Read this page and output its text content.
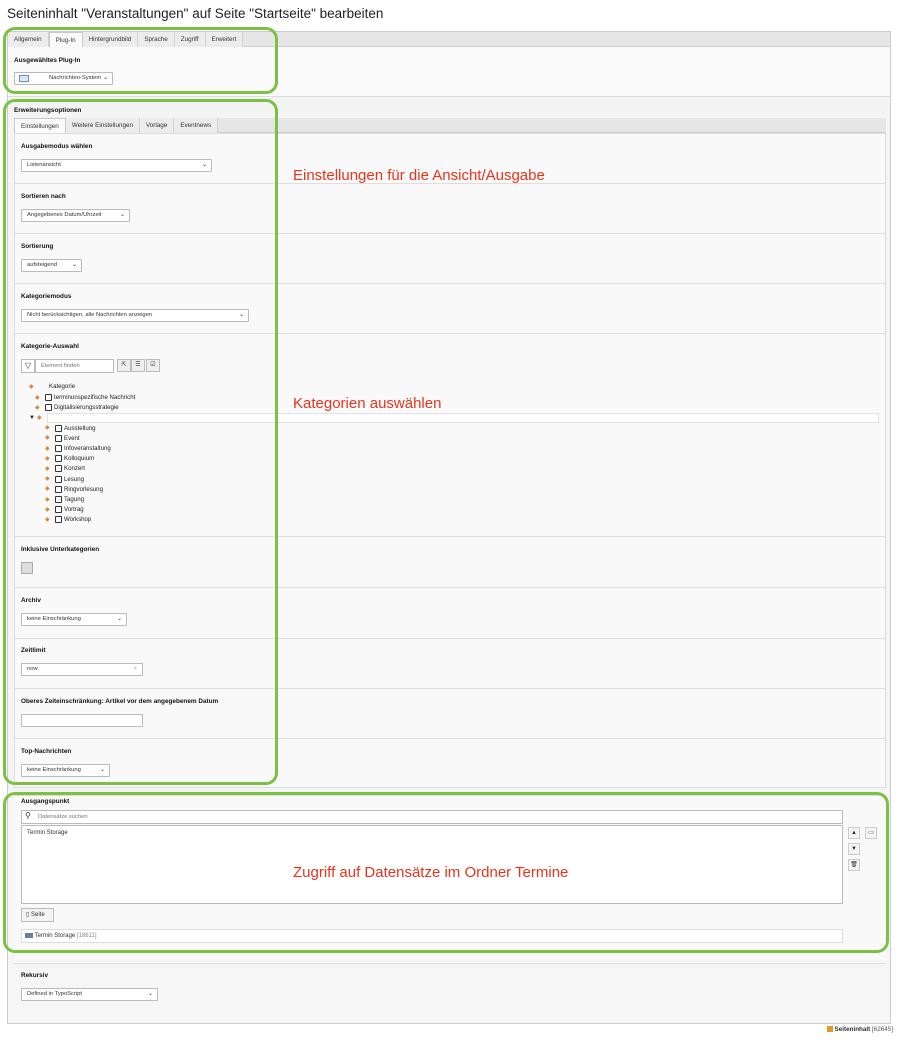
Seiteninhalt "Veranstaltungen" auf Seite "Startseite" bearbeiten
Allgemein	Plug-In	Hintergrundbild	Sprache	Zugriff	Erweitert
Ausgewähltes Plug-In
Nachrichten-System ⌄
Erweiterungsoptionen
Einstellungen	Weitere Einstellungen	Vorlage	Eventnews
Ausgabemodus wählen
Listenansicht	⌄
Sortieren nach
Angegebenes Datum/Uhrzeit	⌄
Sortierung
aufsteigend ⌄
Kategoriemodus
Nicht berücksichtigen, alle Nachrichten anzeigen	⌄
Kategorie-Auswahl
▽
Element finden	⇱	☰	☑
◆	Kategorie
◆	terminunspezifische Nachricht
◆	Digitalisierungsstrategie
▼ ◆
◆	Ausstellung
◆	Event
◆	Infoveranstaltung
◆	Kolloquium
◆	Konzert
◆	Lesung
◆	Ringvorlesung
◆	Tagung
◆	Vortrag
◆	Workshop
Inklusive Unterkategorien
Archiv
keine Einschränkung	⌄
Zeitlimit
now	×
Oberes Zeiteinschränkung: Artikel vor dem angegebenem Datum
Top-Nachrichten
keine Einschränkung	⌄
Ausgangspunkt
⚲
Datensätze suchen
Termin Storage	▲
▼
🗑
▭
▯ Seite
Termin Storage [18611]
Rekursiv
Defined in TypoScript	⌄
Seiteninhalt [62645]
Einstellungen für die Ansicht/Ausgabe
Kategorien auswählen
Zugriff auf Datensätze im Ordner Termine
